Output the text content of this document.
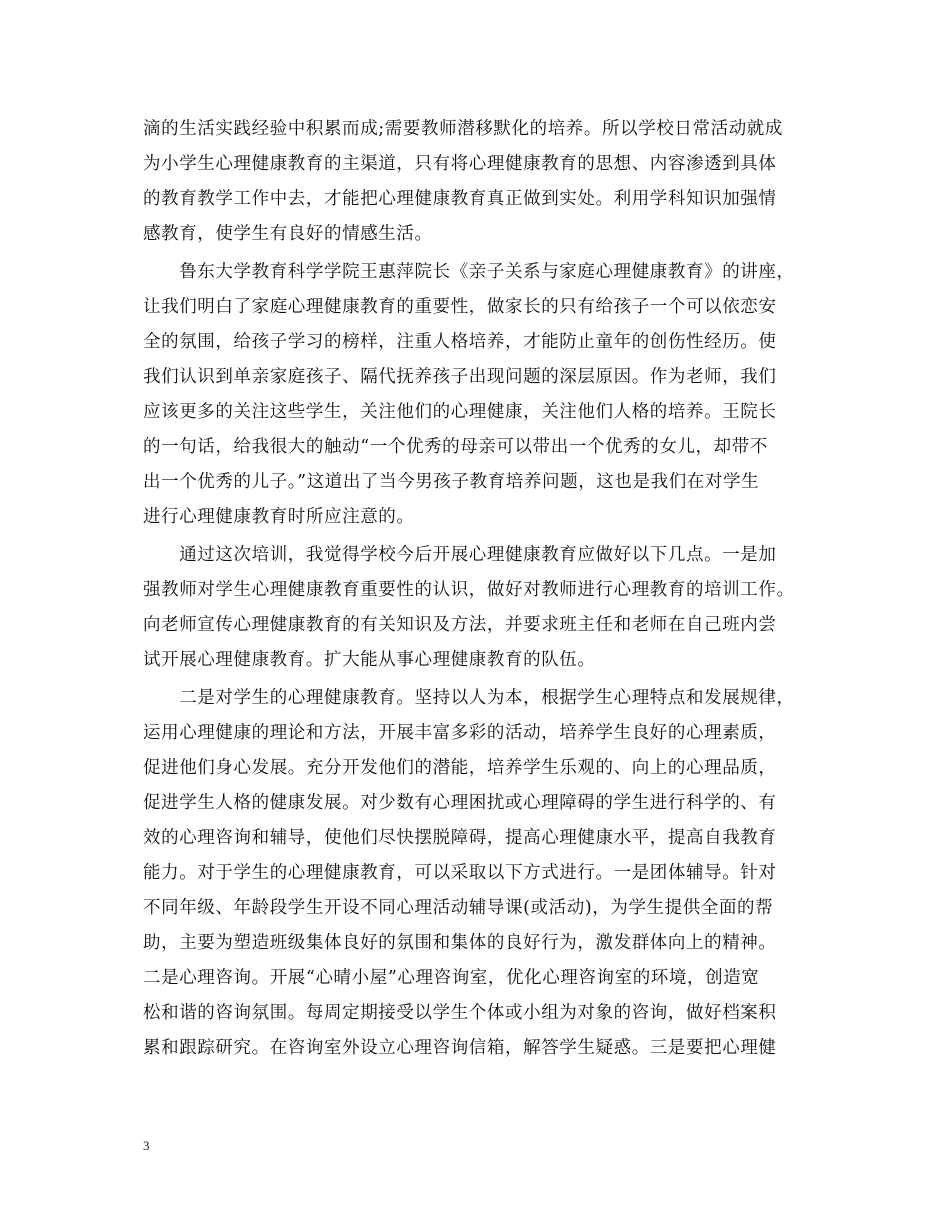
滴的生活实践经验中积累而成;需要教师潜移默化的培养。所以学校日常活动就成
为小学生心理健康教育的主渠道，只有将心理健康教育的思想、内容渗透到具体
的教育教学工作中去，才能把心理健康教育真正做到实处。利用学科知识加强情
感教育，使学生有良好的情感生活。
　　鲁东大学教育科学学院王惠萍院长《亲子关系与家庭心理健康教育》的讲座，
让我们明白了家庭心理健康教育的重要性，做家长的只有给孩子一个可以依恋安
全的氛围，给孩子学习的榜样，注重人格培养，才能防止童年的创伤性经历。使
我们认识到单亲家庭孩子、隔代抚养孩子出现问题的深层原因。作为老师，我们
应该更多的关注这些学生，关注他们的心理健康，关注他们人格的培养。王院长
的一句话，给我很大的触动“一个优秀的母亲可以带出一个优秀的女儿，却带不
出一个优秀的儿子。”这道出了当今男孩子教育培养问题，这也是我们在对学生
进行心理健康教育时所应注意的。
　　通过这次培训，我觉得学校今后开展心理健康教育应做好以下几点。一是加
强教师对学生心理健康教育重要性的认识，做好对教师进行心理教育的培训工作。
向老师宣传心理健康教育的有关知识及方法，并要求班主任和老师在自己班内尝
试开展心理健康教育。扩大能从事心理健康教育的队伍。
　　二是对学生的心理健康教育。坚持以人为本，根据学生心理特点和发展规律，
运用心理健康的理论和方法，开展丰富多彩的活动，培养学生良好的心理素质，
促进他们身心发展。充分开发他们的潜能，培养学生乐观的、向上的心理品质，
促进学生人格的健康发展。对少数有心理困扰或心理障碍的学生进行科学的、有
效的心理咨询和辅导，使他们尽快摆脱障碍，提高心理健康水平，提高自我教育
能力。对于学生的心理健康教育，可以采取以下方式进行。一是团体辅导。针对
不同年级、年龄段学生开设不同心理活动辅导课(或活动)，为学生提供全面的帮
助，主要为塑造班级集体良好的氛围和集体的良好行为，激发群体向上的精神。
二是心理咨询。开展“心晴小屋”心理咨询室，优化心理咨询室的环境，创造宽
松和谐的咨询氛围。每周定期接受以学生个体或小组为对象的咨询，做好档案积
累和跟踪研究。在咨询室外设立心理咨询信箱，解答学生疑惑。三是要把心理健
3
